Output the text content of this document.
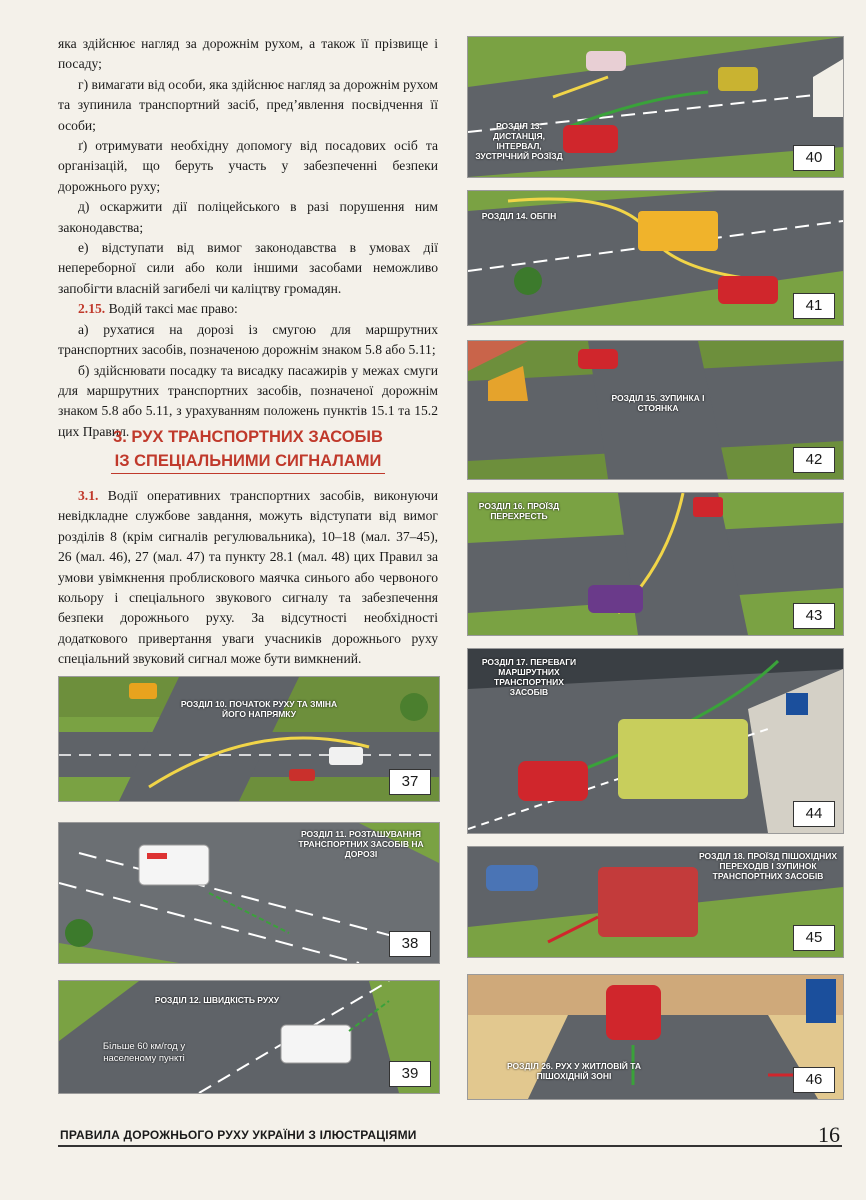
яка здійснює нагляд за дорожнім рухом, а також її прізвище і посаду;

г) вимагати від особи, яка здійснює нагляд за дорожнім рухом та зупинила транспортний засіб, пред’явлення посвідчення її особи;

ґ) отримувати необхідну допомогу від посадових осіб та організацій, що беруть участь у забезпеченні безпеки дорожнього руху;

д) оскаржити дії поліцейського в разі порушення ним законодавства;

е) відступати від вимог законодавства в умовах дії непереборної сили або коли іншими засобами неможливо запобігти власній загибелі чи каліцтву громадян.

2.15. Водій таксі має право:

а) рухатися на дорозі із смугою для маршрутних транспортних засобів, позначеною дорожнім знаком 5.8 або 5.11;

б) здійснювати посадку та висадку пасажирів у межах смуги для маршрутних транспортних засобів, позначеної дорожнім знаком 5.8 або 5.11, з урахуванням положень пунктів 15.1 та 15.2 цих Правил.

3. РУХ ТРАНСПОРТНИХ ЗАСОБІВ
ІЗ СПЕЦІАЛЬНИМИ СИГНАЛАМИ

3.1. Водії оперативних транспортних засобів, виконуючи невідкладне службове завдання, можуть відступати від вимог розділів 8 (крім сигналів регулювальника), 10–18 (мал. 37–45), 26 (мал. 46), 27 (мал. 47) та пункту 28.1 (мал. 48) цих Правил за умови увімкнення проблискового маячка синього або червоного кольору і спеціального звукового сигналу та забезпечення безпеки дорожнього руху. За відсутності необхідності додаткового привертання уваги учасників дорожнього руху спеціальний звуковий сигнал може бути вимкнений.

РОЗДІЛ 10. ПОЧАТОК РУХУ ТА ЗМІНА ЙОГО НАПРЯМКУ
37
РОЗДІЛ 11. РОЗТАШУВАННЯ ТРАНСПОРТНИХ ЗАСОБІВ НА ДОРОЗІ
38
РОЗДІЛ 12. ШВИДКІСТЬ РУХУ
Більше 60 км/год у населеному пункті
39
РОЗДІЛ 13. ДИСТАНЦІЯ, ІНТЕРВАЛ, ЗУСТРІЧНИЙ РОЗЇЗД	40
РОЗДІЛ 14. ОБГІН
41
РОЗДІЛ 15. ЗУПИНКА І СТОЯНКА
42
РОЗДІЛ 16. ПРОЇЗД ПЕРЕХРЕСТЬ
43
РОЗДІЛ 17. ПЕРЕВАГИ МАРШРУТНИХ ТРАНСПОРТНИХ ЗАСОБІВ
44
РОЗДІЛ 18. ПРОЇЗД ПІШОХІДНИХ ПЕРЕХОДІВ І ЗУПИНОК ТРАНСПОРТНИХ ЗАСОБІВ
45
РОЗДІЛ 26. РУХ У ЖИТЛОВІЙ ТА ПІШОХІДНІЙ ЗОНІ	46
ПРАВИЛА ДОРОЖНЬОГО РУХУ УКРАЇНИ З ІЛЮСТРАЦІЯМИ	16
